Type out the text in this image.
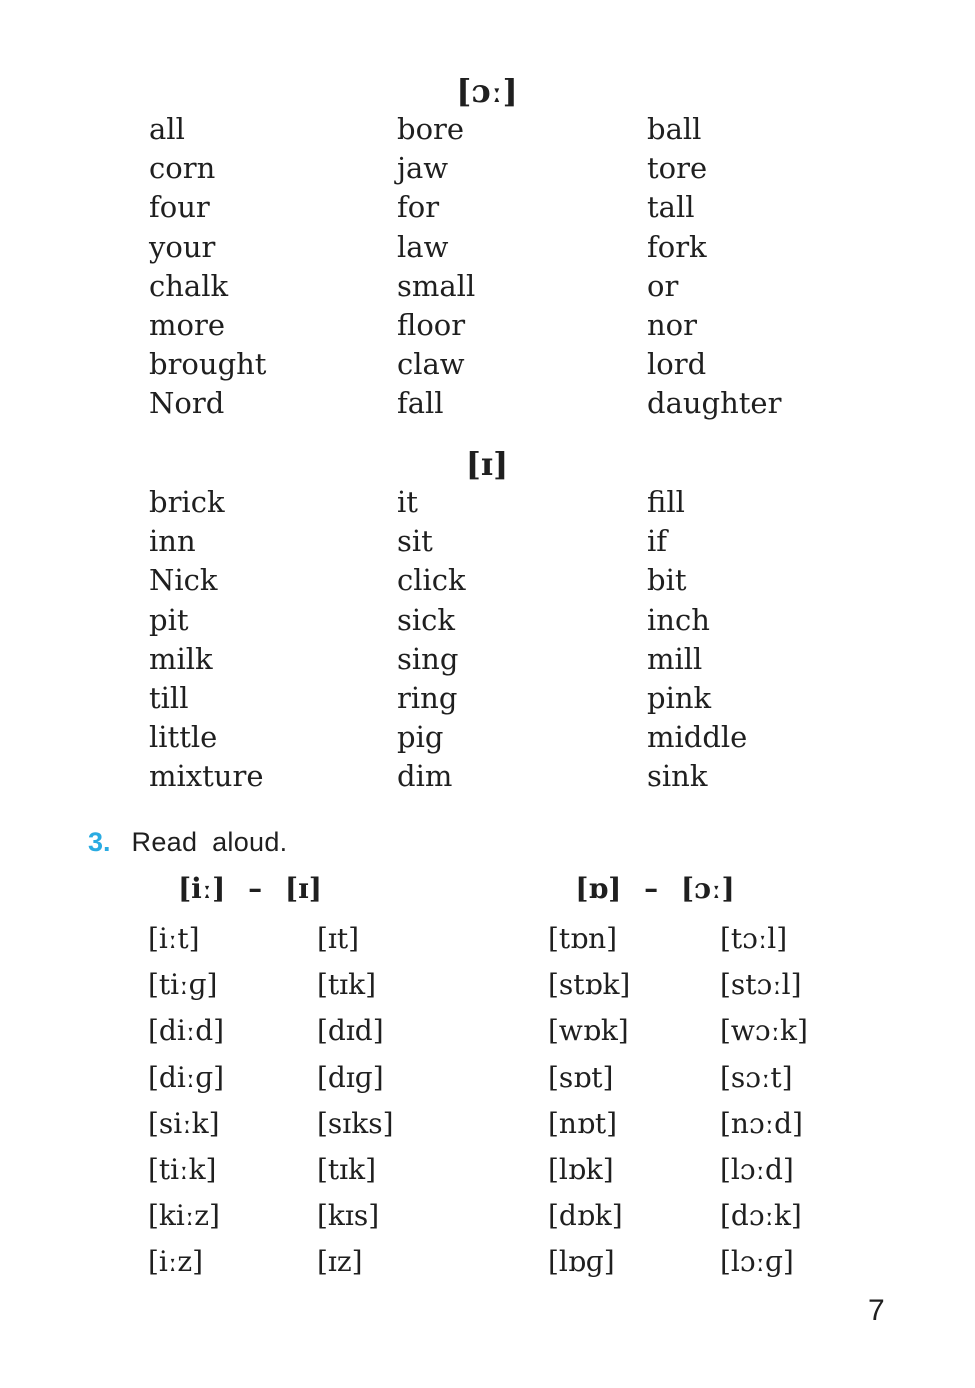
[ɔː]
all
corn
four
your
chalk
more
brought
Nord
bore
jaw
for
law
small
floor
claw
fall
ball
tore
tall
fork
or
nor
lord
daughter
[ɪ]
brick
inn
Nick
pit
milk
till
little
mixture
it
sit
click
sick
sing
ring
pig
dim
fill
if
bit
inch
mill
pink
middle
sink
3. Read aloud.
[iː] – [ɪ]	[ɒ] – [ɔː]
[iːt]
[tiːɡ]
[diːd]
[diːɡ]
[siːk]
[tiːk]
[kiːz]
[iːz]
[ɪt]
[tɪk]
[dɪd]
[dɪɡ]
[sɪks]
[tɪk]
[kɪs]
[ɪz]
[tɒn]
[stɒk]
[wɒk]
[sɒt]
[nɒt]
[lɒk]
[dɒk]
[lɒɡ]
[tɔːl]
[stɔːl]
[wɔːk]
[sɔːt]
[nɔːd]
[lɔːd]
[dɔːk]
[lɔːɡ]
7
